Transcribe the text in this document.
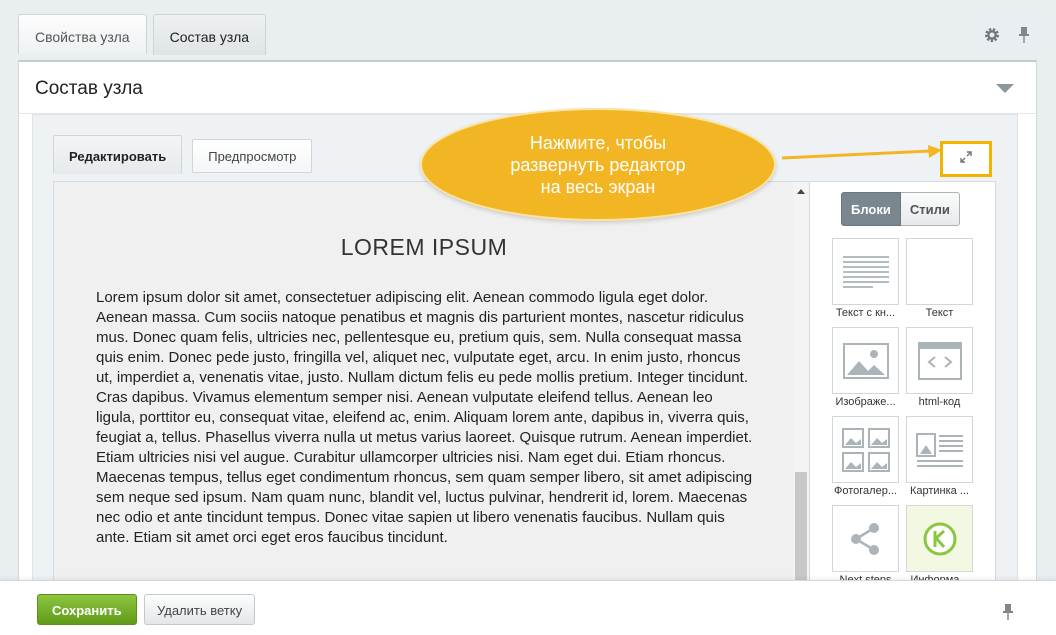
Свойства узла	Состав узла
Состав узла
Редактировать	Предпросмотр
LOREM IPSUM
Lorem ipsum dolor sit amet, consectetuer adipiscing elit. Aenean commodo ligula eget dolor. Aenean massa. Cum sociis natoque penatibus et magnis dis parturient montes, nascetur ridiculus mus. Donec quam felis, ultricies nec, pellentesque eu, pretium quis, sem. Nulla consequat massa quis enim. Donec pede justo, fringilla vel, aliquet nec, vulputate eget, arcu. In enim justo, rhoncus ut, imperdiet a, venenatis vitae, justo. Nullam dictum felis eu pede mollis pretium. Integer tincidunt. Cras dapibus. Vivamus elementum semper nisi. Aenean vulputate eleifend tellus. Aenean leo ligula, porttitor eu, consequat vitae, eleifend ac, enim. Aliquam lorem ante, dapibus in, viverra quis, feugiat a, tellus. Phasellus viverra nulla ut metus varius laoreet. Quisque rutrum. Aenean imperdiet. Etiam ultricies nisi vel augue. Curabitur ullamcorper ultricies nisi. Nam eget dui. Etiam rhoncus. Maecenas tempus, tellus eget condimentum rhoncus, sem quam semper libero, sit amet adipiscing sem neque sed ipsum. Nam quam nunc, blandit vel, luctus pulvinar, hendrerit id, lorem. Maecenas nec odio et ante tincidunt tempus. Donec vitae sapien ut libero venenatis faucibus. Nullam quis ante. Etiam sit amet orci eget eros faucibus tincidunt.
Блоки	Стили
Текст с кн...	Текст
Изображе...	html-код
Фотогалер...	Картинка ...
Нажмите, чтобы
развернуть редактор
на весь экран
Сохранить	Удалить ветку
